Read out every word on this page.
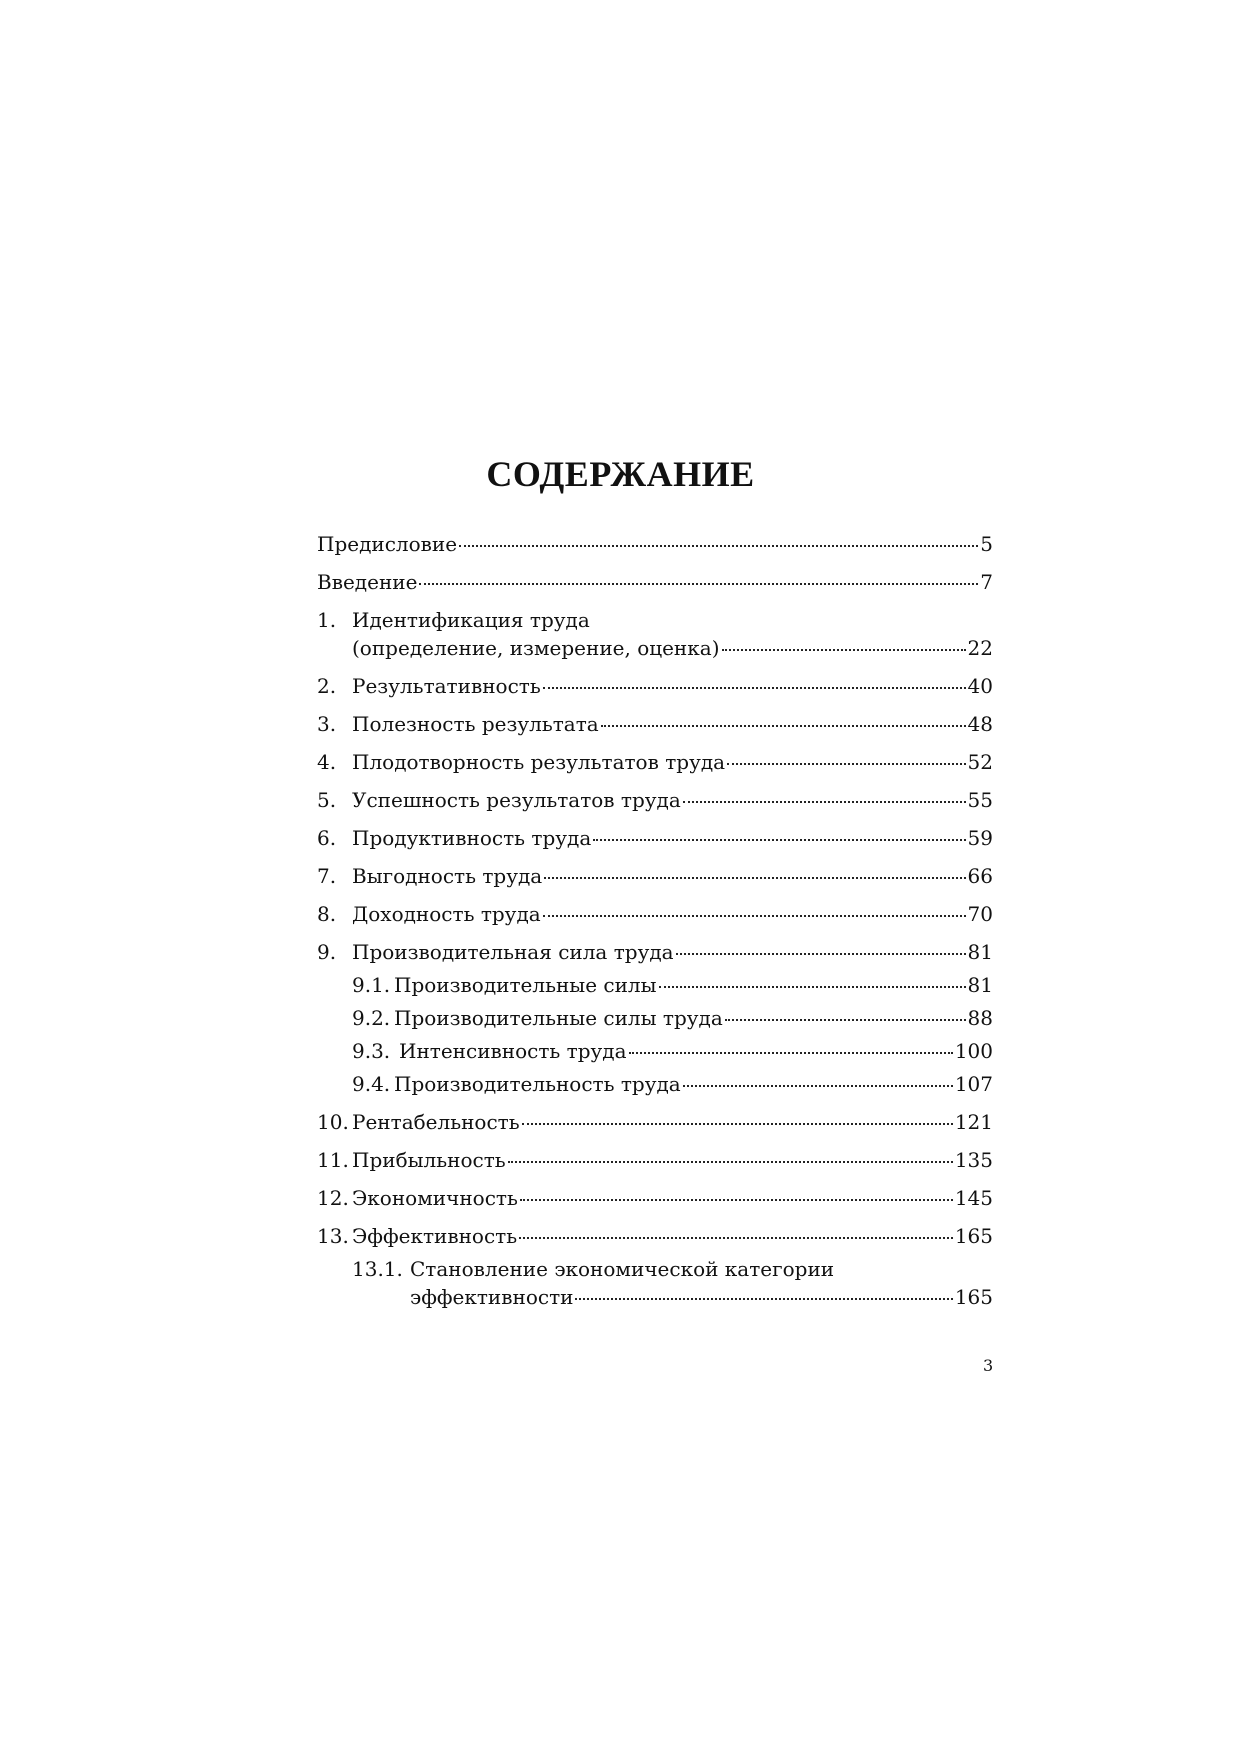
СОДЕРЖАНИЕ
Предисловие	5
Введение	7
1. Идентификация труда
(определение, измерение, оценка)	22
2. Результативность	40
3. Полезность результата	48
4. Плодотворность результатов труда	52
5. Успешность результатов труда	55
6. Продуктивность труда	59
7. Выгодность труда	66
8. Доходность труда	70
9. Производительная сила труда	81
9.1. Производительные силы	81
9.2. Производительные силы труда	88
9.3. Интенсивность труда	100
9.4. Производительность труда	107
10. Рентабельность	121
11. Прибыльность	135
12. Экономичность	145
13. Эффективность	165
13.1. Становление экономической категории
эффективности	165
3
